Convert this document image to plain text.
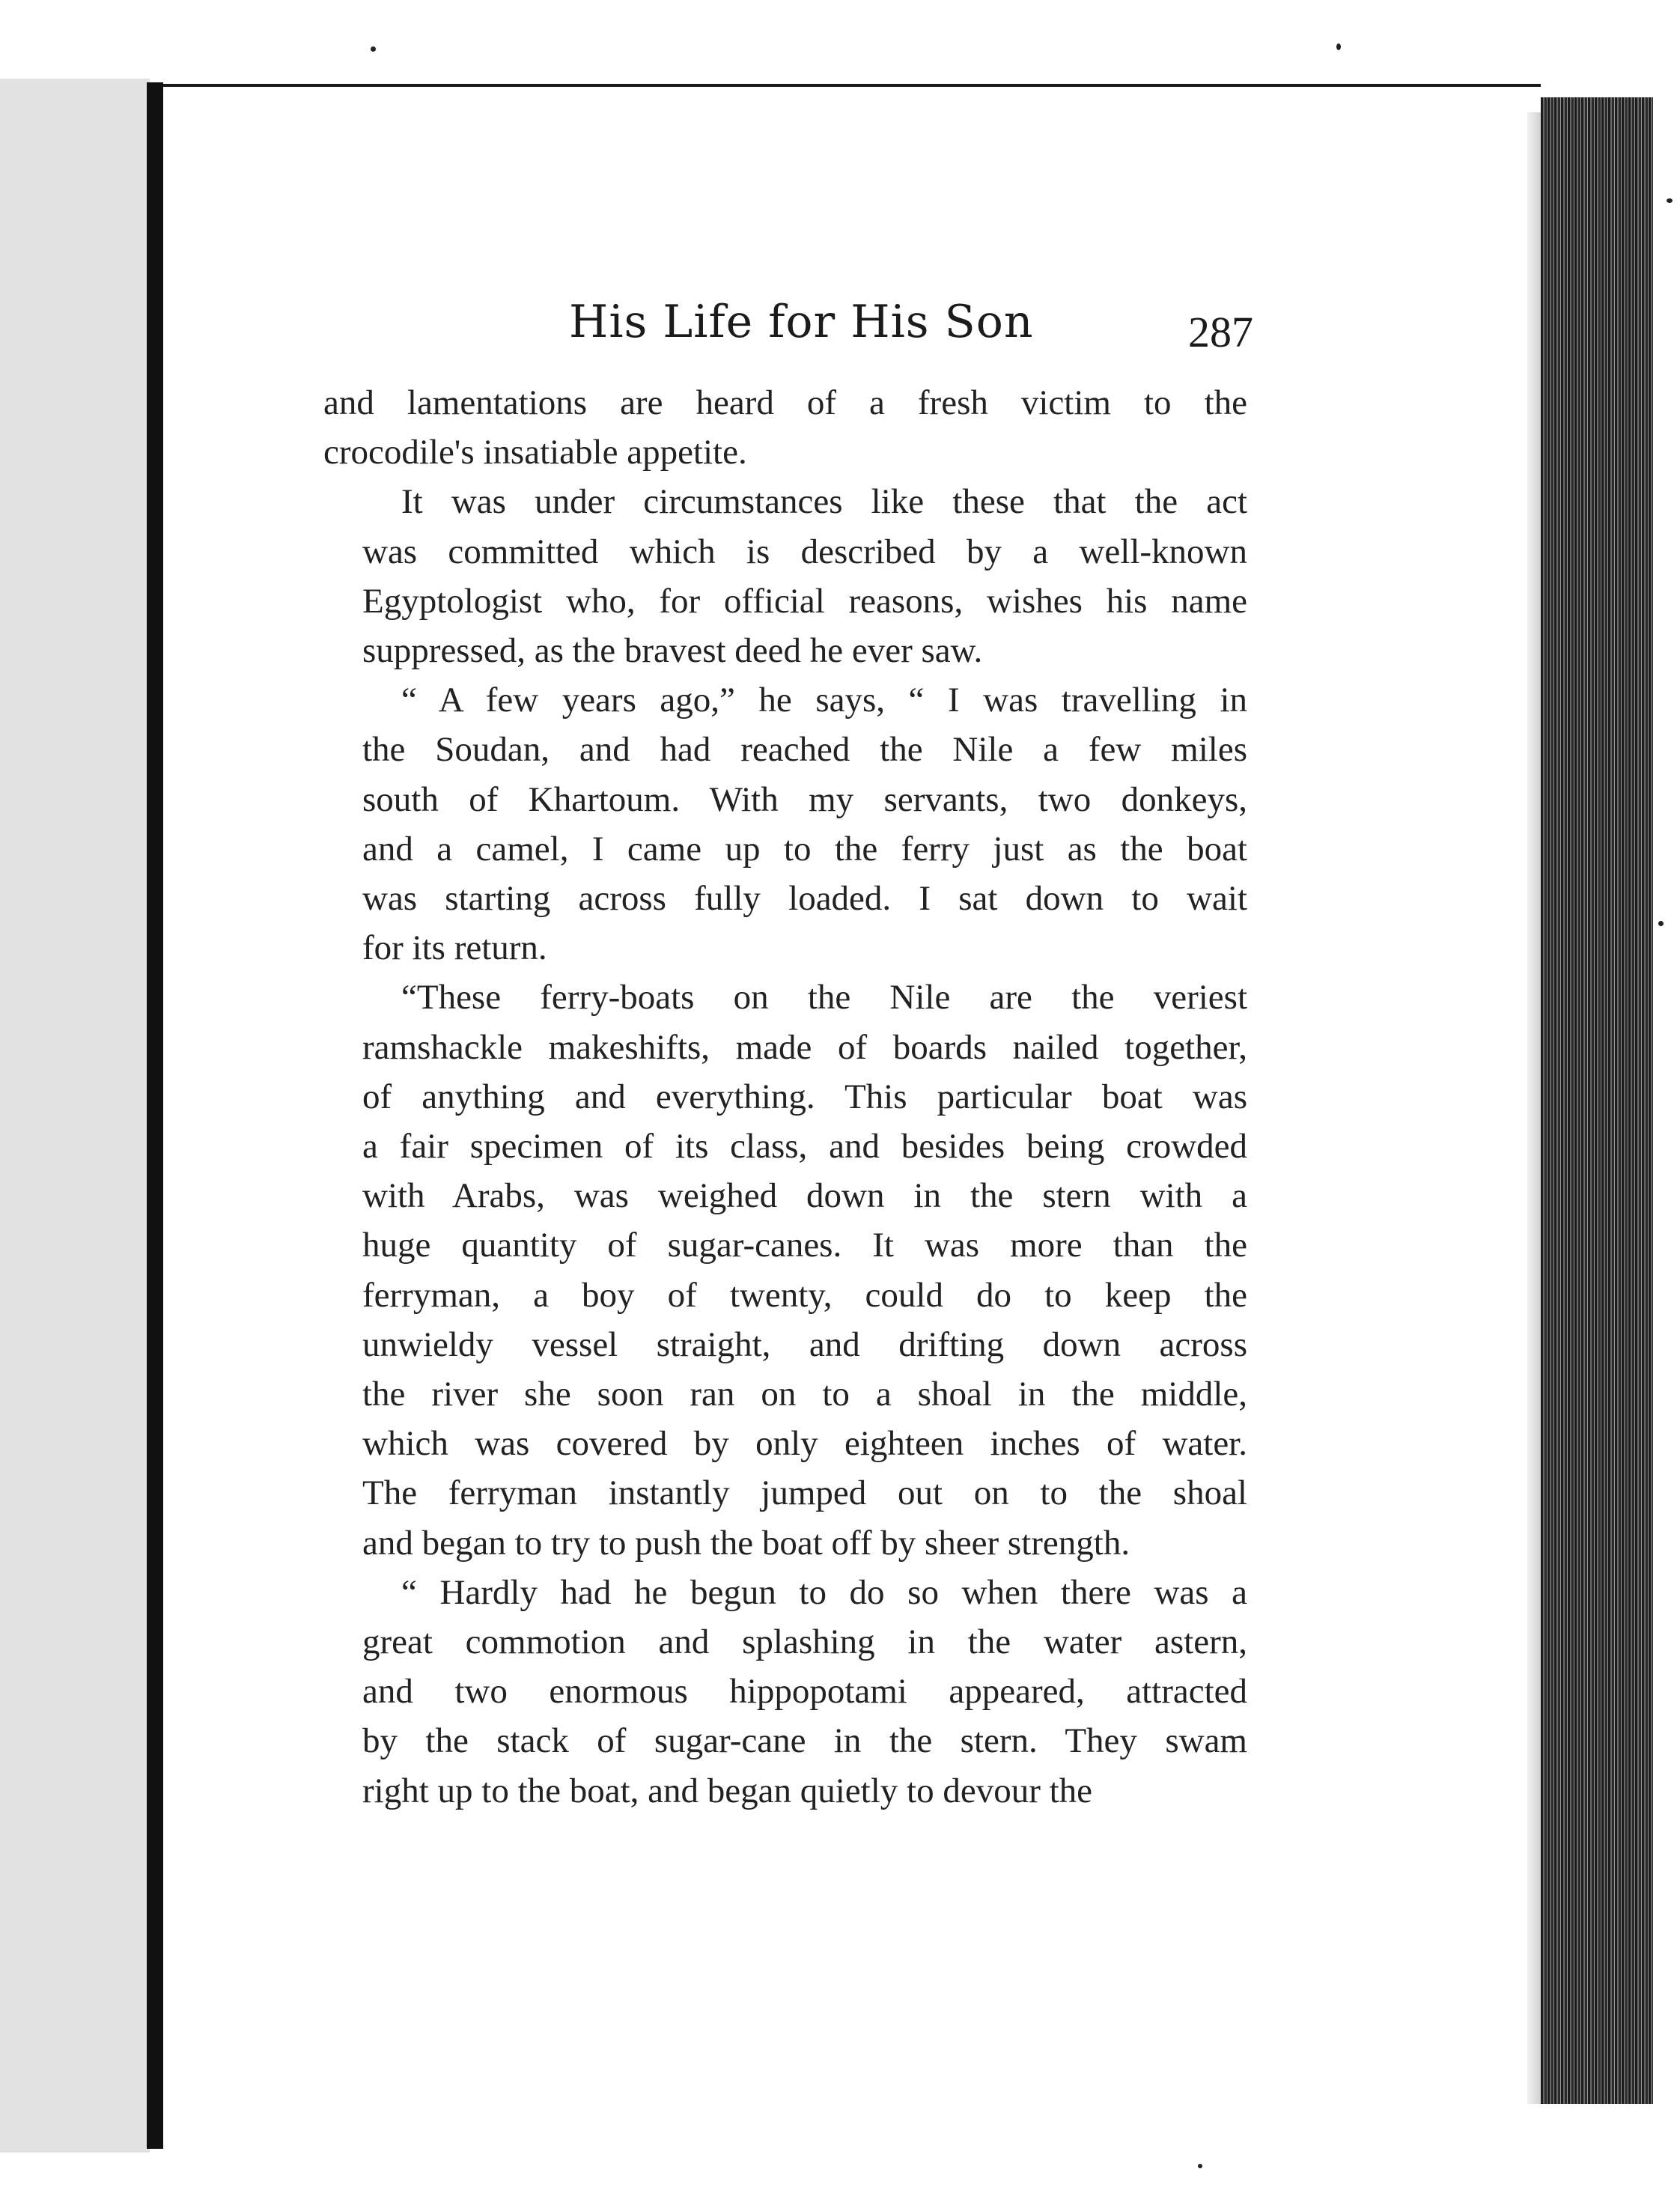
His Life for His Son	287

and lamentations are heard of a fresh victim to the
crocodile's insatiable appetite.

It was under circumstances like these that the act
was committed which is described by a well-known
Egyptologist who, for official reasons, wishes his name
suppressed, as the bravest deed he ever saw.

“ A few years ago,” he says, “ I was travelling in
the Soudan, and had reached the Nile a few miles
south of Khartoum. With my servants, two donkeys,
and a camel, I came up to the ferry just as the boat
was starting across fully loaded. I sat down to wait
for its return.

“These ferry-boats on the Nile are the veriest
ramshackle makeshifts, made of boards nailed together,
of anything and everything. This particular boat was
a fair specimen of its class, and besides being crowded
with Arabs, was weighed down in the stern with a
huge quantity of sugar-canes. It was more than the
ferryman, a boy of twenty, could do to keep the
unwieldy vessel straight, and drifting down across
the river she soon ran on to a shoal in the middle,
which was covered by only eighteen inches of water.
The ferryman instantly jumped out on to the shoal
and began to try to push the boat off by sheer strength.

“ Hardly had he begun to do so when there was a
great commotion and splashing in the water astern,
and two enormous hippopotami appeared, attracted
by the stack of sugar-cane in the stern. They swam
right up to the boat, and began quietly to devour the
